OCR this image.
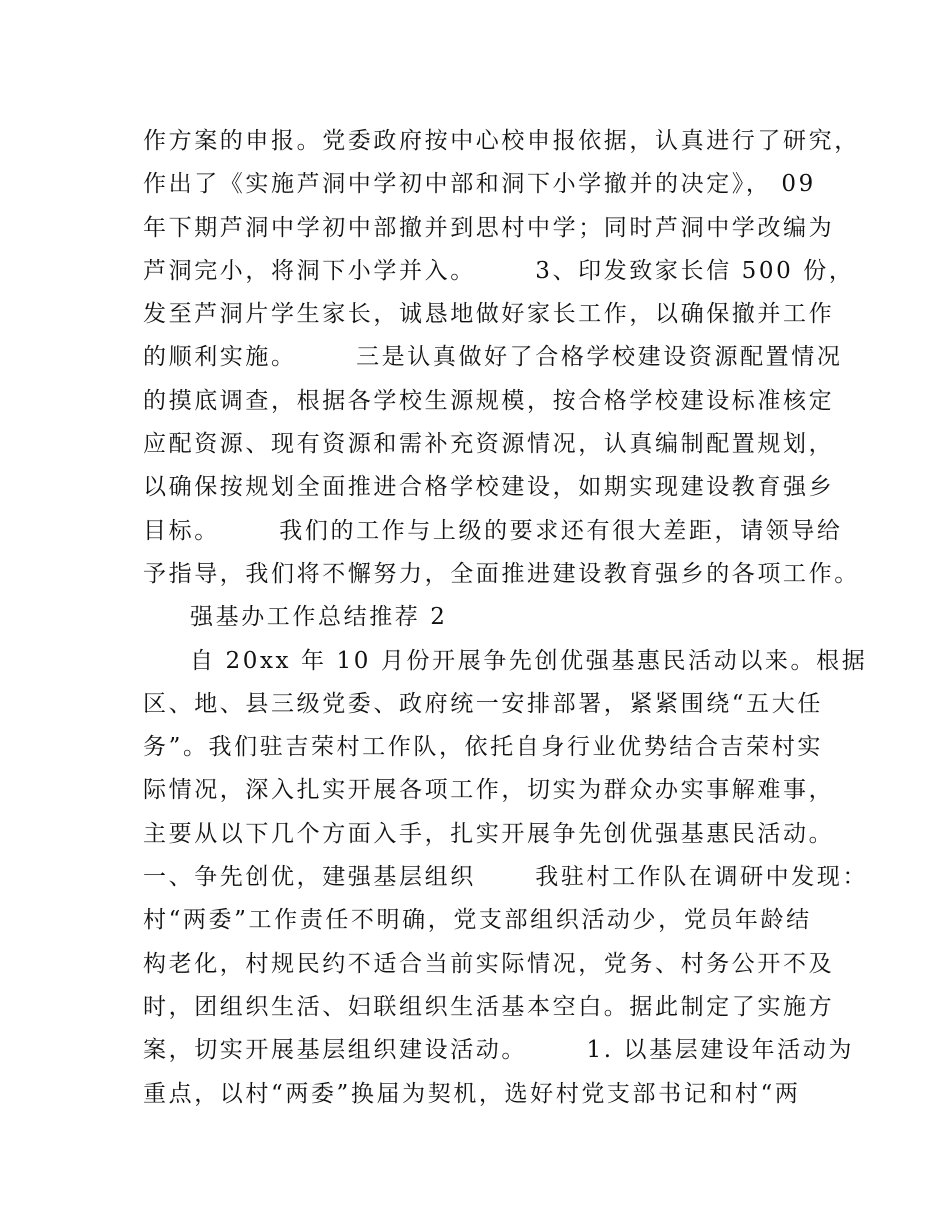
作方案的申报。党委政府按中心校申报依据，认真进行了研究，
作出了《实施芦洞中学初中部和洞下小学撤并的决定》， 09
年下期芦洞中学初中部撤并到思村中学；同时芦洞中学改编为
芦洞完小，将洞下小学并入。      3、印发致家长信 500 份，
发至芦洞片学生家长，诚恳地做好家长工作，以确保撤并工作
的顺利实施。      三是认真做好了合格学校建设资源配置情况
的摸底调查，根据各学校生源规模，按合格学校建设标准核定
应配资源、现有资源和需补充资源情况，认真编制配置规划，
以确保按规划全面推进合格学校建设，如期实现建设教育强乡
目标。      我们的工作与上级的要求还有很大差距，请领导给
予指导，我们将不懈努力，全面推进建设教育强乡的各项工作。
强基办工作总结推荐 2
自 20xx 年 10 月份开展争先创优强基惠民活动以来。根据
区、地、县三级党委、政府统一安排部署，紧紧围绕“五大任
务”。我们驻吉荣村工作队，依托自身行业优势结合吉荣村实
际情况，深入扎实开展各项工作，切实为群众办实事解难事，
主要从以下几个方面入手，扎实开展争先创优强基惠民活动。
一、争先创优，建强基层组织      我驻村工作队在调研中发现：
村“两委”工作责任不明确，党支部组织活动少，党员年龄结
构老化，村规民约不适合当前实际情况，党务、村务公开不及
时，团组织生活、妇联组织生活基本空白。据此制定了实施方
案，切实开展基层组织建设活动。      1. 以基层建设年活动为
重点，以村“两委”换届为契机，选好村党支部书记和村“两
